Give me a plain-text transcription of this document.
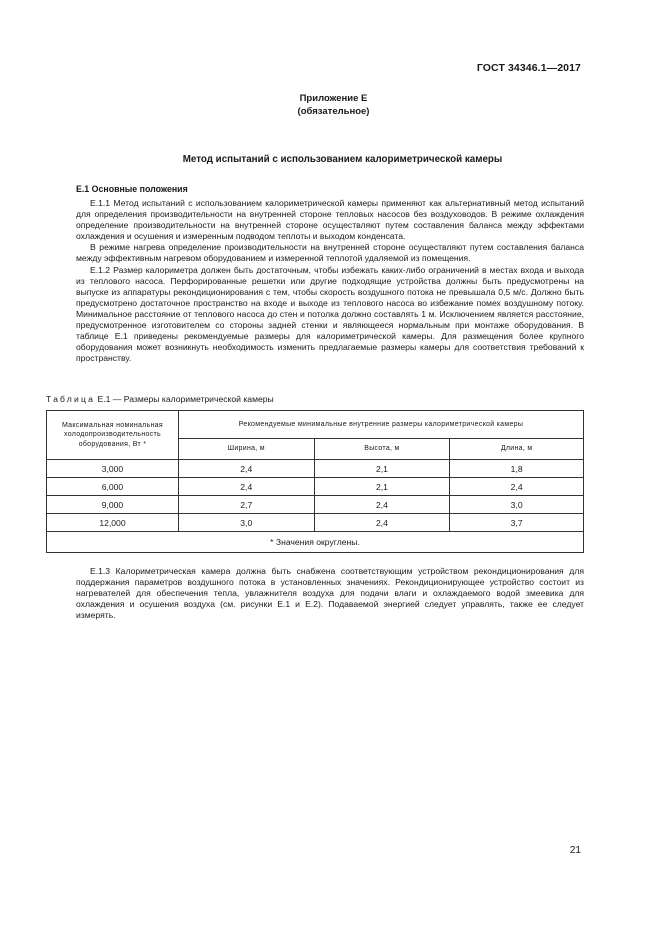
ГОСТ 34346.1—2017
Приложение Е
(обязательное)
Метод испытаний с использованием калориметрической камеры
Е.1 Основные положения

Е.1.1 Метод испытаний с использованием калориметрической камеры применяют как альтернативный метод испытаний для определения производительности на внутренней стороне тепловых насосов без воздуховодов. В режиме охлаждения определение производительности на внутренней стороне осуществляют путем составления баланса между эффектами охлаждения и осушения и измеренным подводом теплоты и выходом конденсата.

В режиме нагрева определение производительности на внутренней стороне осуществляют путем составления баланса между эффективным нагревом оборудованием и измеренной теплотой удаляемой из помещения.

Е.1.2 Размер калориметра должен быть достаточным, чтобы избежать каких-либо ограничений в местах входа и выхода из теплового насоса. Перфорированные решетки или другие подходящие устройства должны быть предусмотрены на выпуске из аппаратуры рекондиционирования с тем, чтобы скорость воздушного потока не превышала 0,5 м/с. Должно быть предусмотрено достаточное пространство на входе и выходе из теплового насоса во избежание помех воздушному потоку. Минимальное расстояние от теплового насоса до стен и потолка должно составлять 1 м. Исключением является расстояние, предусмотренное изготовителем со стороны задней стенки и являющееся нормальным при монтаже оборудования. В таблице Е.1 приведены рекомендуемые размеры для калориметрической камеры. Для размещения более крупного оборудования может возникнуть необходимость изменить предлагаемые размеры камеры для соответствия требований к пространству.

Таблица Е.1 — Размеры калориметрической камеры
Максимальная номинальная холодопроизводительность оборудования, Вт *	Рекомендуемые минимальные внутренние размеры калориметрической камеры		
	Ширина, м	Высота, м	Длина, м
3,000	2,4	2,1	1,8
6,000	2,4	2,1	2,4
9,000	2,7	2,4	3,0
12,000	3,0	2,4	3,7
* Значения округлены.			

Е.1.3 Калориметрическая камера должна быть снабжена соответствующим устройством рекондиционирования для поддержания параметров воздушного потока в установленных значениях. Рекондиционирующее устройство состоит из нагревателей для обеспечения тепла, увлажнителя воздуха для подачи влаги и охлаждаемого водой змеевика для охлаждения и осушения воздуха (см. рисунки Е.1 и Е.2). Подаваемой энергией следует управлять, также ее следует измерять.

21
